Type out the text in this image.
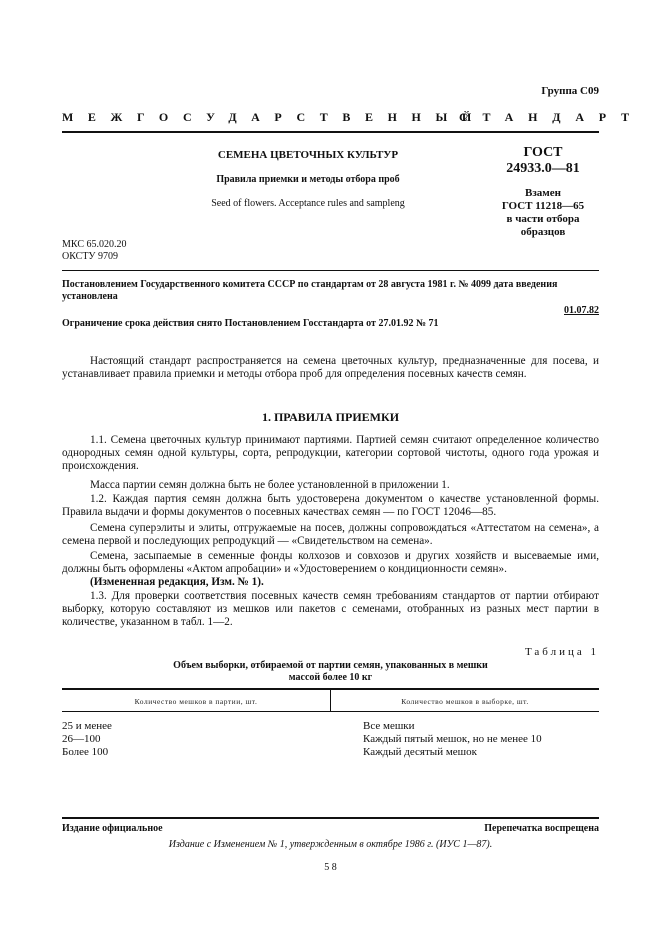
Группа С09
МЕЖГОСУДАРСТВЕННЫЙ
СТАНДАРТ
СЕМЕНА ЦВЕТОЧНЫХ КУЛЬТУР
Правила приемки и методы отбора проб
Seed of flowers. Acceptance rules and sampleng
ГОСТ
24933.0—81
Взамен
ГОСТ 11218—65
в части отбора
образцов
МКС 65.020.20
ОКСТУ 9709
Постановлением Государственного комитета СССР по стандартам от 28 августа 1981 г. № 4099 дата введения установлена
01.07.82
Ограничение срока действия снято Постановлением Госстандарта от 27.01.92 № 71
Настоящий стандарт распространяется на семена цветочных культур, предназначенные для посева, и устанавливает правила приемки и методы отбора проб для определения посевных качеств семян.
1. ПРАВИЛА ПРИЕМКИ
1.1. Семена цветочных культур принимают партиями. Партией семян считают определенное количество однородных семян одной культуры, сорта, репродукции, категории сортовой чистоты, одного года урожая и происхождения.
Масса партии семян должна быть не более установленной в приложении 1.
1.2. Каждая партия семян должна быть удостоверена документом о качестве установленной формы. Правила выдачи и формы документов о посевных качествах семян — по ГОСТ 12046—85.
Семена суперэлиты и элиты, отгружаемые на посев, должны сопровождаться «Аттестатом на семена», а семена первой и последующих репродукций — «Свидетельством на семена».
Семена, засыпаемые в семенные фонды колхозов и совхозов и других хозяйств и высеваемые ими, должны быть оформлены «Актом апробации» и «Удостоверением о кондиционности семян».
(Измененная редакция, Изм. № 1).
1.3. Для проверки соответствия посевных качеств семян требованиям стандартов от партии отбирают выборку, которую составляют из мешков или пакетов с семенами, отобранных из разных мест партии в количестве, указанном в табл. 1—2.
Таблица 1
Объем выборки, отбираемой от партии семян, упакованных в мешки
массой более 10 кг
Количество мешков в партии, шт.	Количество мешков в выборке, шт.
25 и менее
26—100
Более 100
Все мешки
Каждый пятый мешок, но не менее 10
Каждый десятый мешок
Издание официальное	Перепечатка воспрещена
Издание с Изменением № 1, утвержденным в октябре 1986 г. (ИУС 1—87).
5 8
